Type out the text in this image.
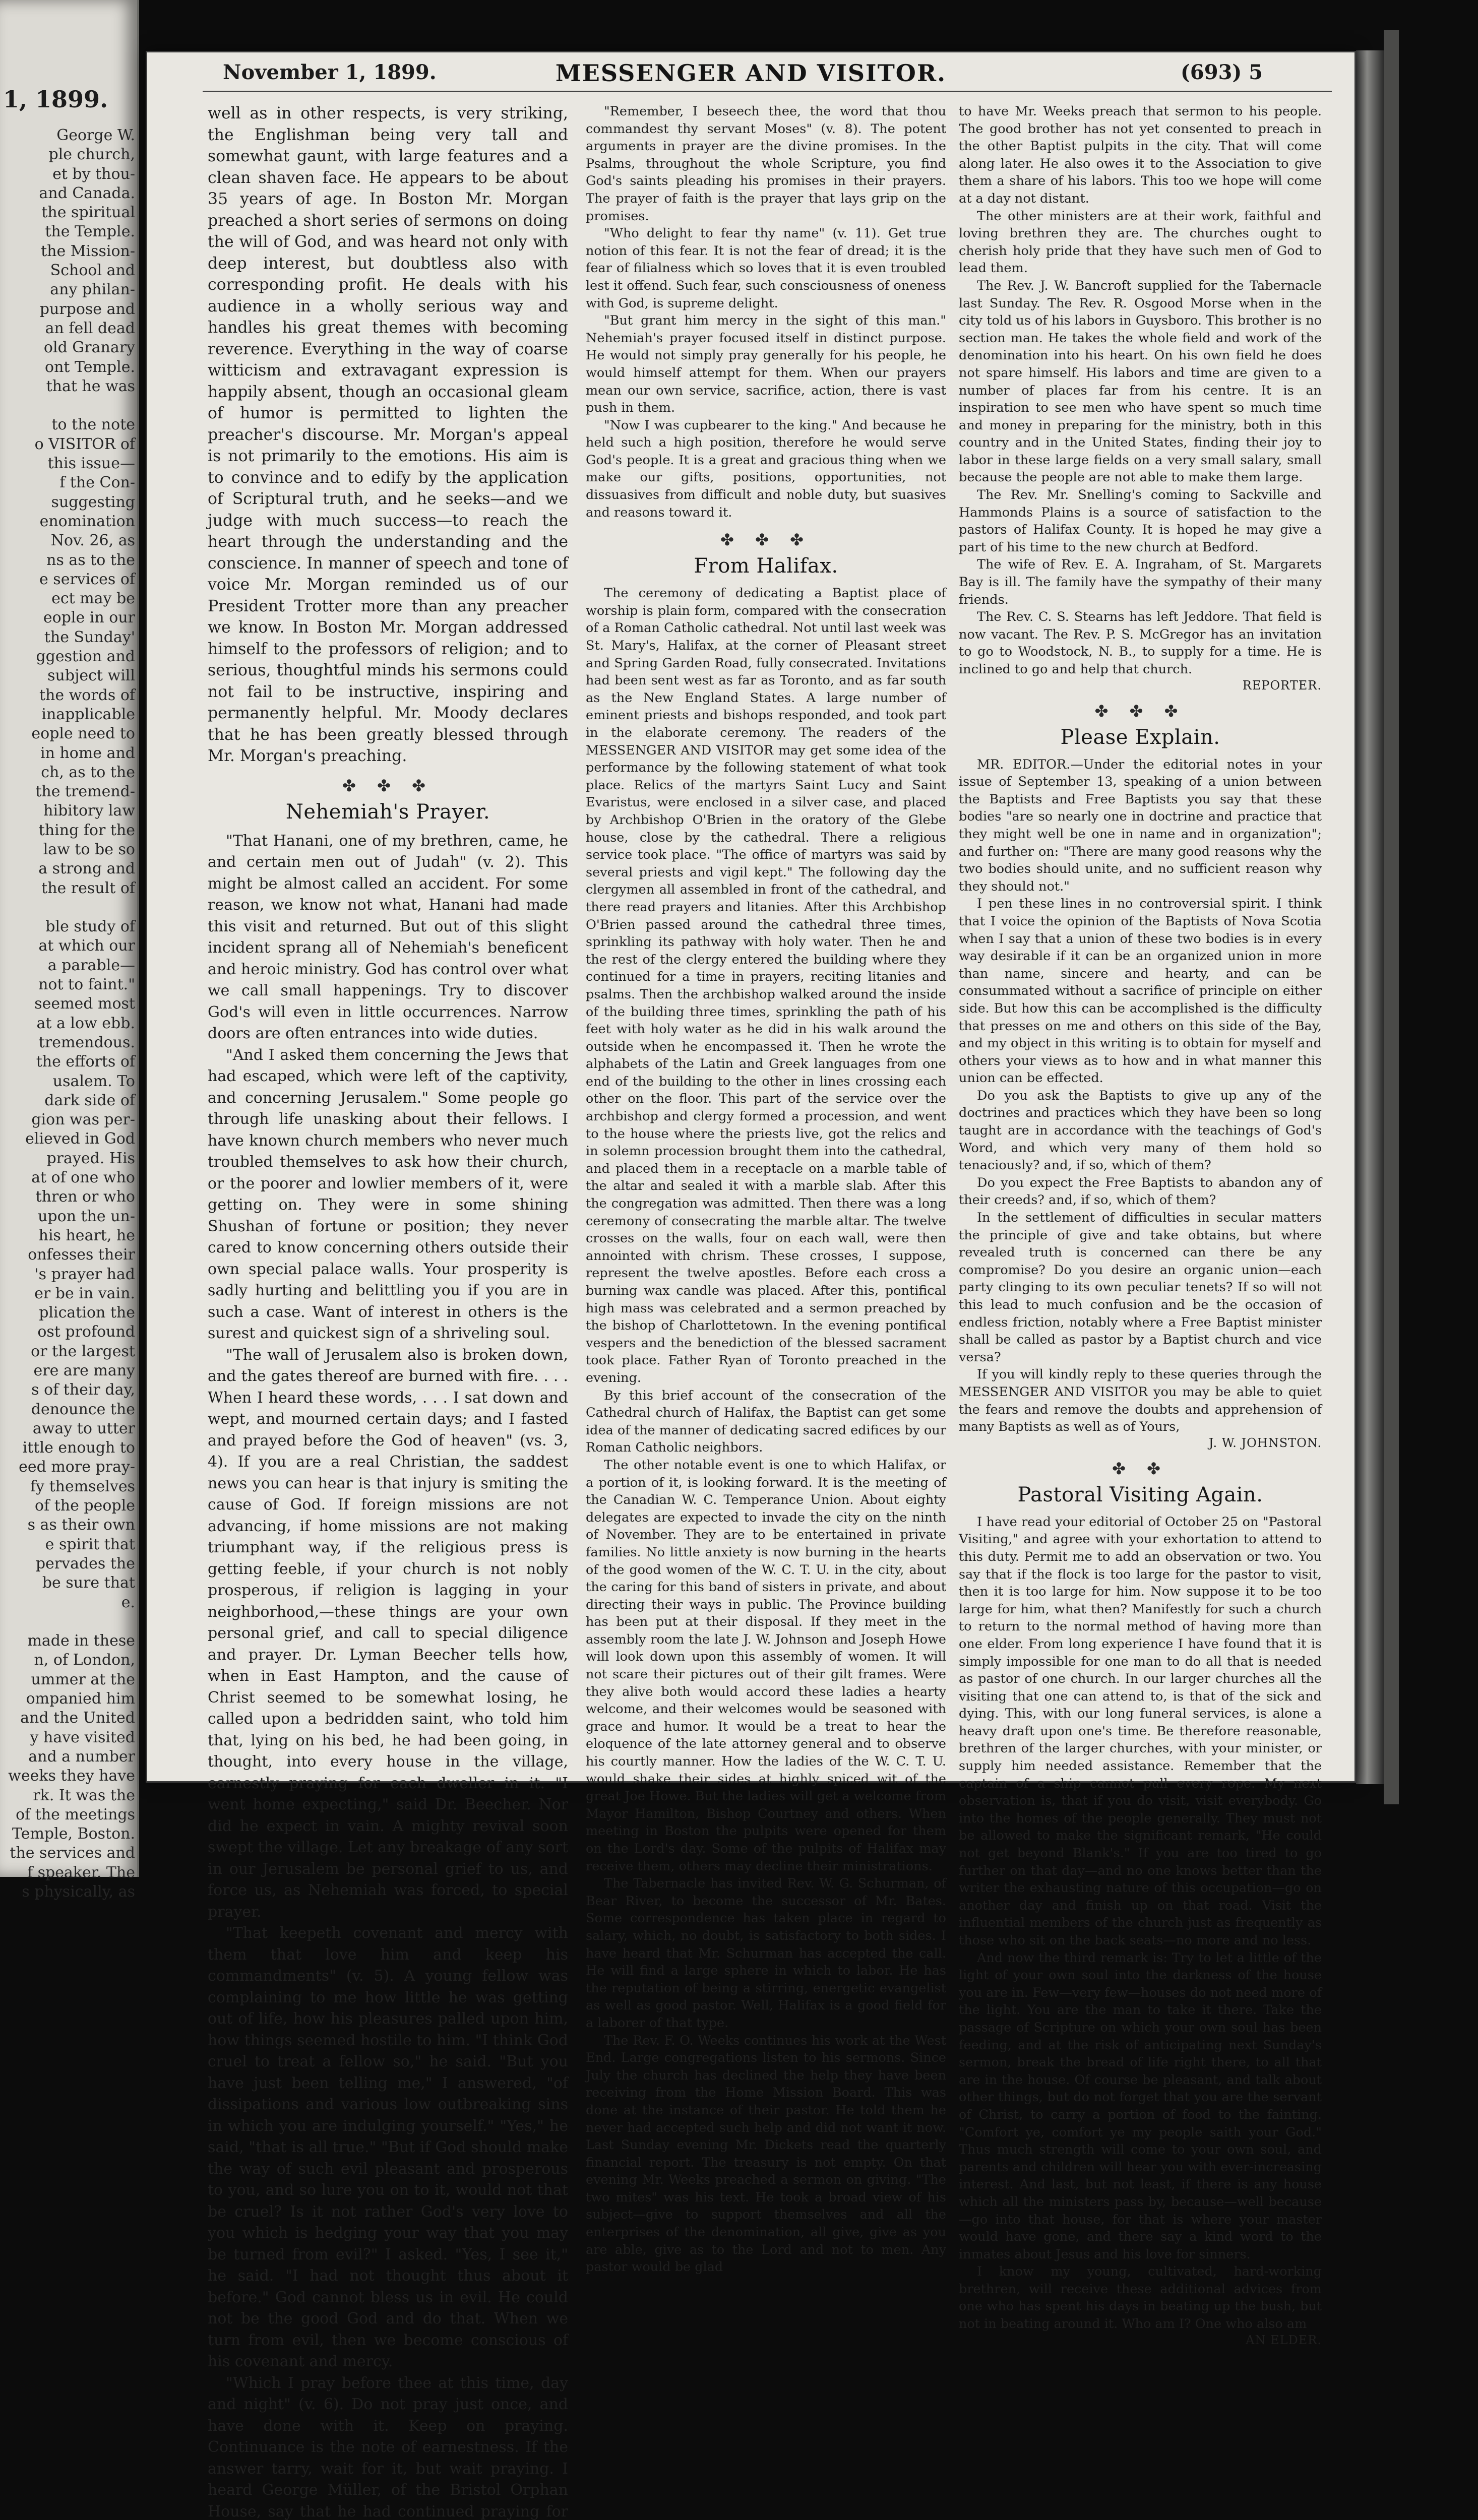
1, 1899.
George W.
ple church,
et by thou-
and Canada.
the spiritual
the Temple.
the Mission-
School and
any philan-
purpose and
an fell dead
old Granary
ont Temple.
that he was

to the note
o VISITOR of
this issue—
f the Con-
suggesting
enomination
Nov. 26, as
ns as to the
e services of
ect may be
eople in our
the Sunday'
ggestion and
subject will
the words of
inapplicable
eople need to
in home and
ch, as to the
the tremend-
hibitory law
thing for the
law to be so
a strong and
the result of

ble study of
at which our
a parable—
not to faint."
seemed most
at a low ebb.
tremendous.
the efforts of
usalem. To
dark side of
gion was per-
elieved in God
prayed. His
at of one who
thren or who
upon the un-
his heart, he
onfesses their
's prayer had
er be in vain.
plication the
ost profound
or the largest
ere are many
s of their day,
denounce the
away to utter
ittle enough to
eed more pray-
fy themselves
of the people
s as their own
e spirit that
pervades the
be sure that
e.

made in these
n, of London,
ummer at the
ompanied him
and the United
y have visited
and a number
weeks they have
rk. It was the
of the meetings
Temple, Boston.
the services and
f speaker. The
s physically, as
November 1, 1899.	MESSENGER AND VISITOR.	(693) 5

well as in other respects, is very striking, the Englishman being very tall and somewhat gaunt, with large features and a clean shaven face. He appears to be about 35 years of age. In Boston Mr. Morgan preached a short series of sermons on doing the will of God, and was heard not only with deep interest, but doubtless also with corresponding profit. He deals with his audience in a wholly serious way and handles his great themes with becoming reverence. Everything in the way of coarse witticism and extravagant expression is happily absent, though an occasional gleam of humor is permitted to lighten the preacher's discourse. Mr. Morgan's appeal is not primarily to the emotions. His aim is to convince and to edify by the application of Scriptural truth, and he seeks—and we judge with much success—to reach the heart through the understanding and the conscience. In manner of speech and tone of voice Mr. Morgan reminded us of our President Trotter more than any preacher we know. In Boston Mr. Morgan addressed himself to the professors of religion; and to serious, thoughtful minds his sermons could not fail to be instructive, inspiring and permanently helpful. Mr. Moody declares that he has been greatly blessed through Mr. Morgan's preaching.

✤ ✤ ✤
Nehemiah's Prayer.

"That Hanani, one of my brethren, came, he and certain men out of Judah" (v. 2). This might be almost called an accident. For some reason, we know not what, Hanani had made this visit and returned. But out of this slight incident sprang all of Nehemiah's beneficent and heroic ministry. God has control over what we call small happenings. Try to discover God's will even in little occurrences. Narrow doors are often entrances into wide duties.

"And I asked them concerning the Jews that had escaped, which were left of the captivity, and concerning Jerusalem." Some people go through life unasking about their fellows. I have known church members who never much troubled themselves to ask how their church, or the poorer and lowlier members of it, were getting on. They were in some shining Shushan of fortune or position; they never cared to know concerning others outside their own special palace walls. Your prosperity is sadly hurting and belittling you if you are in such a case. Want of interest in others is the surest and quickest sign of a shriveling soul.

"The wall of Jerusalem also is broken down, and the gates thereof are burned with fire. . . . When I heard these words, . . . I sat down and wept, and mourned certain days; and I fasted and prayed before the God of heaven" (vs. 3, 4). If you are a real Christian, the saddest news you can hear is that injury is smiting the cause of God. If foreign missions are not advancing, if home missions are not making triumphant way, if the religious press is getting feeble, if your church is not nobly prosperous, if religion is lagging in your neighborhood,—these things are your own personal grief, and call to special diligence and prayer. Dr. Lyman Beecher tells how, when in East Hampton, and the cause of Christ seemed to be somewhat losing, he called upon a bedridden saint, who told him that, lying on his bed, he had been going, in thought, into every house in the village, earnestly praying for each dweller in it. "I went home expecting," said Dr. Beecher. Nor did he expect in vain. A mighty revival soon swept the village. Let any breakage of any sort in our Jerusalem be personal grief to us, and force us, as Nehemiah was forced, to special prayer.

"That keepeth covenant and mercy with them that love him and keep his commandments" (v. 5). A young fellow was complaining to me how little he was getting out of life, how his pleasures palled upon him, how things seemed hostile to him. "I think God cruel to treat a fellow so," he said. "But you have just been telling me," I answered, "of dissipations and various low outbreaking sins in which you are indulging yourself." "Yes," he said, "that is all true." "But if God should make the way of such evil pleasant and prosperous to you, and so lure you on to it, would not that be cruel? Is it not rather God's very love to you which is hedging your way that you may be turned from evil?" I asked. "Yes, I see it," he said. "I had not thought thus about it before." God cannot bless us in evil. He could not be the good God and do that. When we turn from evil, then we become conscious of his covenant and mercy.

"Which I pray before thee at this time, day and night" (v. 6). Do not pray just once, and have done with it. Keep on praying. Continuance is the note of earnestness. If the answer tarry, wait for it, but wait praying. I heard George Müller, of the Bristol Orphan House, say that he had continued praying for

"Remember, I beseech thee, the word that thou commandest thy servant Moses" (v. 8). The potent arguments in prayer are the divine promises. In the Psalms, throughout the whole Scripture, you find God's saints pleading his promises in their prayers. The prayer of faith is the prayer that lays grip on the promises.

"Who delight to fear thy name" (v. 11). Get true notion of this fear. It is not the fear of dread; it is the fear of filialness which so loves that it is even troubled lest it offend. Such fear, such consciousness of oneness with God, is supreme delight.

"But grant him mercy in the sight of this man." Nehemiah's prayer focused itself in distinct purpose. He would not simply pray generally for his people, he would himself attempt for them. When our prayers mean our own service, sacrifice, action, there is vast push in them.

"Now I was cupbearer to the king." And because he held such a high position, therefore he would serve God's people. It is a great and gracious thing when we make our gifts, positions, opportunities, not dissuasives from difficult and noble duty, but suasives and reasons toward it.

✤ ✤ ✤
From Halifax.

The ceremony of dedicating a Baptist place of worship is plain form, compared with the consecration of a Roman Catholic cathedral. Not until last week was St. Mary's, Halifax, at the corner of Pleasant street and Spring Garden Road, fully consecrated. Invitations had been sent west as far as Toronto, and as far south as the New England States. A large number of eminent priests and bishops responded, and took part in the elaborate ceremony. The readers of the MESSENGER AND VISITOR may get some idea of the performance by the following statement of what took place. Relics of the martyrs Saint Lucy and Saint Evaristus, were enclosed in a silver case, and placed by Archbishop O'Brien in the oratory of the Glebe house, close by the cathedral. There a religious service took place. "The office of martyrs was said by several priests and vigil kept." The following day the clergymen all assembled in front of the cathedral, and there read prayers and litanies. After this Archbishop O'Brien passed around the cathedral three times, sprinkling its pathway with holy water. Then he and the rest of the clergy entered the building where they continued for a time in prayers, reciting litanies and psalms. Then the archbishop walked around the inside of the building three times, sprinkling the path of his feet with holy water as he did in his walk around the outside when he encompassed it. Then he wrote the alphabets of the Latin and Greek languages from one end of the building to the other in lines crossing each other on the floor. This part of the service over the archbishop and clergy formed a procession, and went to the house where the priests live, got the relics and in solemn procession brought them into the cathedral, and placed them in a receptacle on a marble table of the altar and sealed it with a marble slab. After this the congregation was admitted. Then there was a long ceremony of consecrating the marble altar. The twelve crosses on the walls, four on each wall, were then annointed with chrism. These crosses, I suppose, represent the twelve apostles. Before each cross a burning wax candle was placed. After this, pontifical high mass was celebrated and a sermon preached by the bishop of Charlottetown. In the evening pontifical vespers and the benediction of the blessed sacrament took place. Father Ryan of Toronto preached in the evening.

By this brief account of the consecration of the Cathedral church of Halifax, the Baptist can get some idea of the manner of dedicating sacred edifices by our Roman Catholic neighbors.

The other notable event is one to which Halifax, or a portion of it, is looking forward. It is the meeting of the Canadian W. C. Temperance Union. About eighty delegates are expected to invade the city on the ninth of November. They are to be entertained in private families. No little anxiety is now burning in the hearts of the good women of the W. C. T. U. in the city, about the caring for this band of sisters in private, and about directing their ways in public. The Province building has been put at their disposal. If they meet in the assembly room the late J. W. Johnson and Joseph Howe will look down upon this assembly of women. It will not scare their pictures out of their gilt frames. Were they alive both would accord these ladies a hearty welcome, and their welcomes would be seasoned with grace and humor. It would be a treat to hear the eloquence of the late attorney general and to observe his courtly manner. How the ladies of the W. C. T. U. would shake their sides at highly spiced wit of the great Joe Howe. But the ladies will get a welcome from Mayor Hamilton, Bishop Courtney and others. When meeting in Boston the pulpits were opened for them on the Lord's day. Some of the pulpits of Halifax may receive them, others may decline their ministrations.

The Tabernacle has invited Rev. W. G. Schurman, of Bear River, to become the successor of Mr. Bates. Some correspondence has taken place in regard to salary, which, no doubt, is satisfactory to both sides. I have heard that Mr. Schurman has accepted the call. He will find a large sphere in which to labor. He has the reputation of being a stirring, energetic evangelist as well as good pastor. Well, Halifax is a good field for a laborer of that type.

The Rev. F. O. Weeks continues his work at the West End. Large congregations listen to his sermons. Since July the church has declined the help they have been receiving from the Home Mission Board. This was done at the instance of their pastor. He told them he never had accepted such help and did not want it now. Last Sunday evening Mr. Dickets read the quarterly financial report. The treasury is not empty. On that evening Mr. Weeks preached a sermon on giving. "The two mites" was his text. He took a broad view of his subject—give to support themselves and all the enterprises of the denomination, all give, give as you are able, give as to the Lord and not to men. Any pastor would be glad

to have Mr. Weeks preach that sermon to his people. The good brother has not yet consented to preach in the other Baptist pulpits in the city. That will come along later. He also owes it to the Association to give them a share of his labors. This too we hope will come at a day not distant.

The other ministers are at their work, faithful and loving brethren they are. The churches ought to cherish holy pride that they have such men of God to lead them.

The Rev. J. W. Bancroft supplied for the Tabernacle last Sunday. The Rev. R. Osgood Morse when in the city told us of his labors in Guysboro. This brother is no section man. He takes the whole field and work of the denomination into his heart. On his own field he does not spare himself. His labors and time are given to a number of places far from his centre. It is an inspiration to see men who have spent so much time and money in preparing for the ministry, both in this country and in the United States, finding their joy to labor in these large fields on a very small salary, small because the people are not able to make them large.

The Rev. Mr. Snelling's coming to Sackville and Hammonds Plains is a source of satisfaction to the pastors of Halifax County. It is hoped he may give a part of his time to the new church at Bedford.

The wife of Rev. E. A. Ingraham, of St. Margarets Bay is ill. The family have the sympathy of their many friends.

The Rev. C. S. Stearns has left Jeddore. That field is now vacant. The Rev. P. S. McGregor has an invitation to go to Woodstock, N. B., to supply for a time. He is inclined to go and help that church.

REPORTER.
✤ ✤ ✤
Please Explain.

MR. EDITOR.—Under the editorial notes in your issue of September 13, speaking of a union between the Baptists and Free Baptists you say that these bodies "are so nearly one in doctrine and practice that they might well be one in name and in organization"; and further on: "There are many good reasons why the two bodies should unite, and no sufficient reason why they should not."

I pen these lines in no controversial spirit. I think that I voice the opinion of the Baptists of Nova Scotia when I say that a union of these two bodies is in every way desirable if it can be an organized union in more than name, sincere and hearty, and can be consummated without a sacrifice of principle on either side. But how this can be accomplished is the difficulty that presses on me and others on this side of the Bay, and my object in this writing is to obtain for myself and others your views as to how and in what manner this union can be effected.

Do you ask the Baptists to give up any of the doctrines and practices which they have been so long taught are in accordance with the teachings of God's Word, and which very many of them hold so tenaciously? and, if so, which of them?

Do you expect the Free Baptists to abandon any of their creeds? and, if so, which of them?

In the settlement of difficulties in secular matters the principle of give and take obtains, but where revealed truth is concerned can there be any compromise? Do you desire an organic union—each party clinging to its own peculiar tenets? If so will not this lead to much confusion and be the occasion of endless friction, notably where a Free Baptist minister shall be called as pastor by a Baptist church and vice versa?

If you will kindly reply to these queries through the MESSENGER AND VISITOR you may be able to quiet the fears and remove the doubts and apprehension of many Baptists as well as of Yours,

J. W. JOHNSTON.
✤ ✤
Pastoral Visiting Again.

I have read your editorial of October 25 on "Pastoral Visiting," and agree with your exhortation to attend to this duty. Permit me to add an observation or two. You say that if the flock is too large for the pastor to visit, then it is too large for him. Now suppose it to be too large for him, what then? Manifestly for such a church to return to the normal method of having more than one elder. From long experience I have found that it is simply impossible for one man to do all that is needed as pastor of one church. In our larger churches all the visiting that one can attend to, is that of the sick and dying. This, with our long funeral services, is alone a heavy draft upon one's time. Be therefore reasonable, brethren of the larger churches, with your minister, or supply him needed assistance. Remember that the captain of a ship cannot pull every rope. My next observation is, that if you do visit, visit everybody. Go into the homes of the people generally. They must not be allowed to make the significant remark, "He could not get beyond Blank's." If you are too tired to go further on that day—and no one knows better than the writer the exhausting nature of this occupation—go on another day and finish up on that road. Visit the influential members of the church just as frequently as those who sit on the back seats—no more and no less.

And now the third remark is: Try to let a little of the light of your own soul into the darkness of the house you are in. Few—very few—houses do not need more of the light. You are the man to take it there. Take the passage of Scripture on which your own soul has been feeding, and at the risk of anticipating next Sunday's sermon, break the bread of life right there, to all that are in the house. Of course be pleasant, and talk about other things, but do not forget that you are the servant of Christ, to carry a portion of food to the fainting. "Comfort ye, comfort ye my people saith your God." Thus much strength will come to your own soul, and parents and children will hear you with ever-increasing interest. And last, but not least, if there is any house which all the ministers pass by, because—well because—go into that house, for that is where your master would have gone, and there say a kind word to the inmates about Jesus and his love for sinners.

I know my young, cultivated, hard-working brethren, will receive these additional advices from one who has spent his days in beating up the bush, but not in beating around it. Who am I? One who also am

AN ELDER.
